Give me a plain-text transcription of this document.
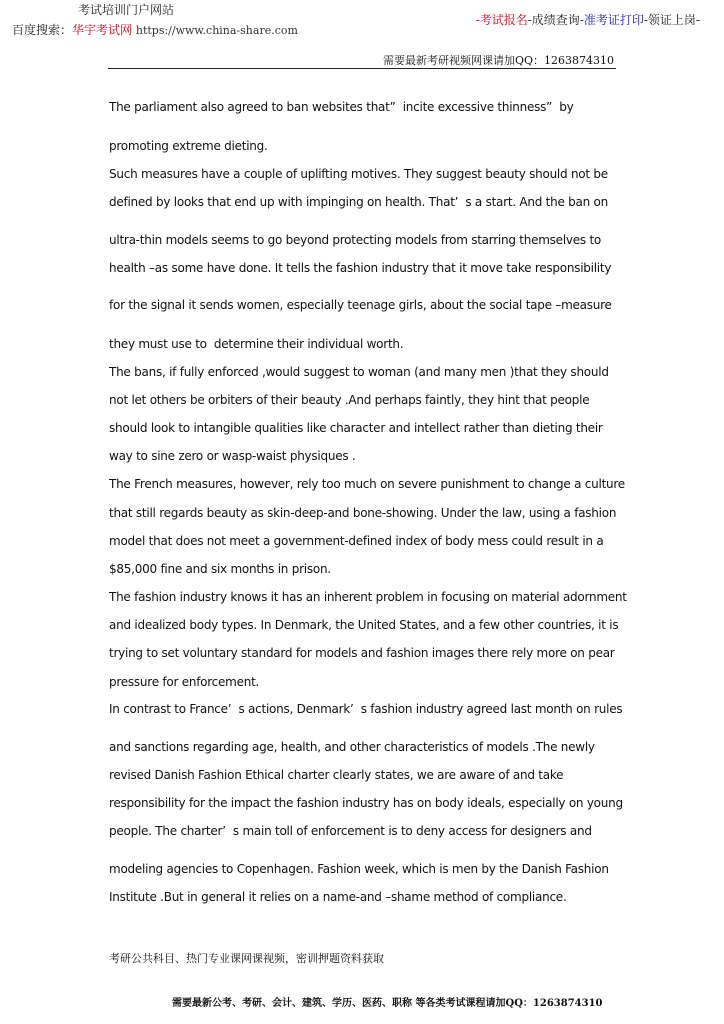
考试培训门户网站
百度搜索：华宇考试网 https://www.china-share.com
-考试报名-成绩查询-准考证打印-领证上岗-
需要最新考研视频网课请加QQ：1263874310
The parliament also agreed to ban websites that”  incite excessive thinness”  by
promoting extreme dieting.
Such measures have a couple of uplifting motives. They suggest beauty should not be
defined by looks that end up with impinging on health. That’  s a start. And the ban on
ultra-thin models seems to go beyond protecting models from starring themselves to
health –as some have done. It tells the fashion industry that it move take responsibility
for the signal it sends women, especially teenage girls, about the social tape –measure
they must use to  determine their individual worth.
The bans, if fully enforced ,would suggest to woman (and many men )that they should
not let others be orbiters of their beauty .And perhaps faintly, they hint that people
should look to intangible qualities like character and intellect rather than dieting their
way to sine zero or wasp-waist physiques .
The French measures, however, rely too much on severe punishment to change a culture
that still regards beauty as skin-deep-and bone-showing. Under the law, using a fashion
model that does not meet a government-defined index of body mess could result in a
$85,000 fine and six months in prison.
The fashion industry knows it has an inherent problem in focusing on material adornment
and idealized body types. In Denmark, the United States, and a few other countries, it is
trying to set voluntary standard for models and fashion images there rely more on pear
pressure for enforcement.
In contrast to France’  s actions, Denmark’  s fashion industry agreed last month on rules
and sanctions regarding age, health, and other characteristics of models .The newly
revised Danish Fashion Ethical charter clearly states, we are aware of and take
responsibility for the impact the fashion industry has on body ideals, especially on young
people. The charter’  s main toll of enforcement is to deny access for designers and
modeling agencies to Copenhagen. Fashion week, which is men by the Danish Fashion
Institute .But in general it relies on a name-and –shame method of compliance.
考研公共科目、热门专业课网课视频，密训押题资料获取
需要最新公考、考研、会计、建筑、学历、医药、职称 等各类考试课程请加QQ：1263874310
